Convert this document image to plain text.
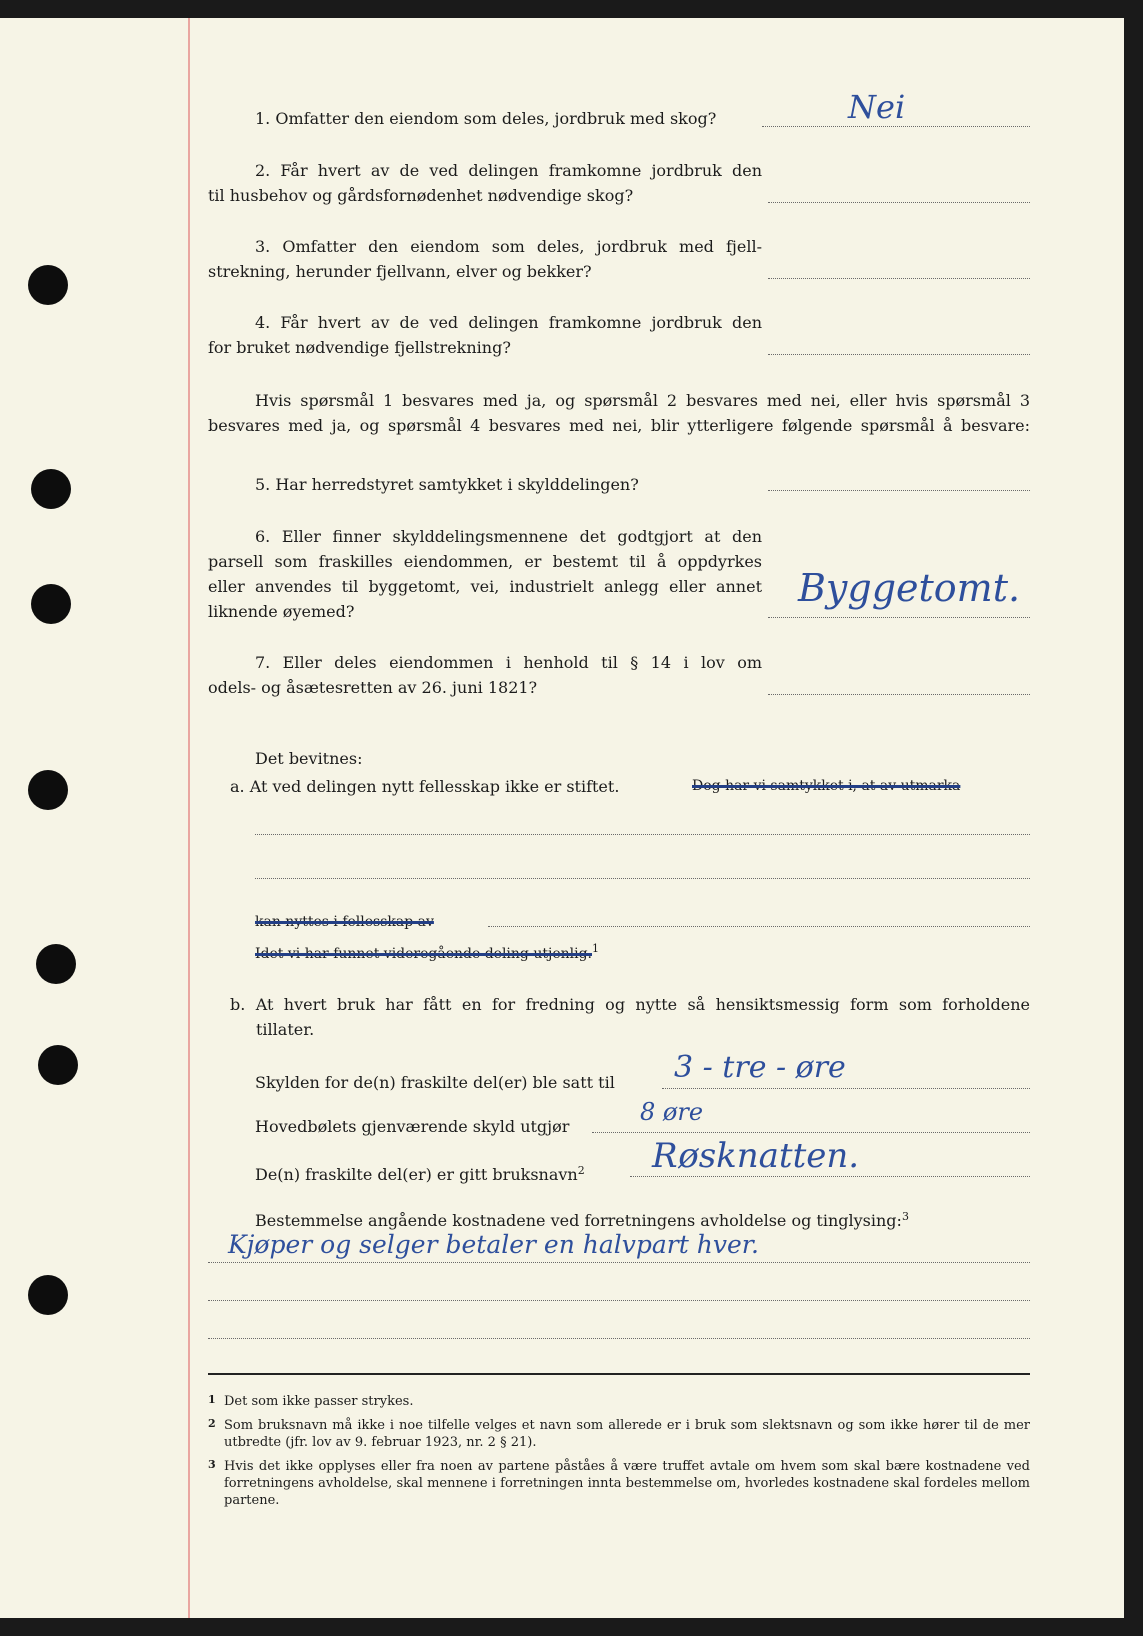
1. Omfatter den eiendom som deles, jordbruk med skog?	Nei
2. Får hvert av de ved delingen framkomne jordbruk den
til husbehov og gårdsfornødenhet nødvendige skog?
3. Omfatter den eiendom som deles, jordbruk med fjell-
strekning, herunder fjellvann, elver og bekker?
4. Får hvert av de ved delingen framkomne jordbruk den
for bruket nødvendige fjellstrekning?
Hvis spørsmål 1 besvares med ja, og spørsmål 2 besvares med nei, eller hvis spørsmål 3
besvares med ja, og spørsmål 4 besvares med nei, blir ytterligere følgende spørsmål å besvare:
5. Har herredstyret samtykket i skylddelingen?
6. Eller finner skylddelingsmennene det godtgjort at den
parsell som fraskilles eiendommen, er bestemt til å oppdyrkes
eller anvendes til byggetomt, vei, industrielt anlegg eller annet
liknende øyemed?
Byggetomt.
7. Eller deles eiendommen i henhold til § 14 i lov om
odels- og åsætesretten av 26. juni 1821?
Det bevitnes:
a. At ved delingen nytt fellesskap ikke er stiftet.	Dog har vi samtykket i, at av utmarka
kan nyttes i fellesskap av
Idet vi har funnet videregående deling utjenlig.$^1$
b. At hvert bruk har fått en for fredning og nytte så hensiktsmessig form som forholdene
tillater.
Skylden for de(n) fraskilte del(er) ble satt til 3 - tre - øre
Hovedbølets gjenværende skyld utgjør
8 øre
De(n) fraskilte del(er) er gitt bruksnavn$^2$ Røsknatten.
Bestemmelse angående kostnadene ved forretningens avholdelse og tinglysing:$^3$
Kjøper og selger betaler en halvpart hver.
1 Det som ikke passer strykes.
2 Som bruksnavn må ikke i noe tilfelle velges et navn som allerede er i bruk som slektsnavn og som ikke hører til de mer utbredte (jfr. lov av 9. februar 1923, nr. 2 § 21).
3 Hvis det ikke opplyses eller fra noen av partene påståes å være truffet avtale om hvem som skal bære kostnadene ved forretningens avholdelse, skal mennene i forretningen innta bestemmelse om, hvorledes kostnadene skal fordeles mellom partene.
